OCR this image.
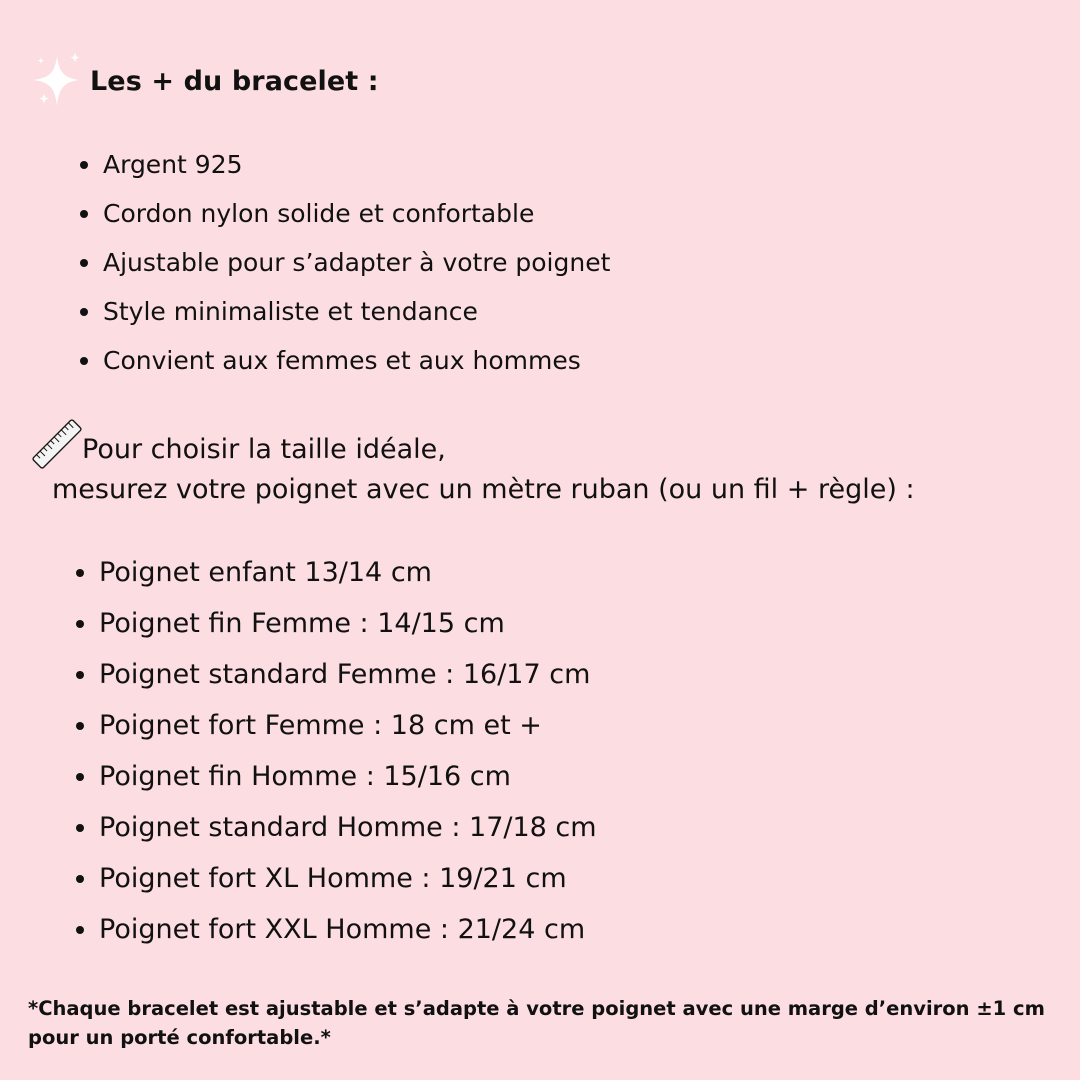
Les + du bracelet :
Argent 925
Cordon nylon solide et confortable
Ajustable pour s’adapter à votre poignet
Style minimaliste et tendance
Convient aux femmes et aux hommes
Pour choisir la taille idéale,
mesurez votre poignet avec un mètre ruban (ou un fil + règle) :
Poignet enfant 13/14 cm
Poignet fin Femme : 14/15 cm
Poignet standard Femme : 16/17 cm
Poignet fort Femme : 18 cm et +
Poignet fin Homme : 15/16 cm
Poignet standard Homme : 17/18 cm
Poignet fort XL Homme : 19/21 cm
Poignet fort XXL Homme : 21/24 cm
*Chaque bracelet est ajustable et s’adapte à votre poignet avec une marge d’environ ±1 cm
pour un porté confortable.*
